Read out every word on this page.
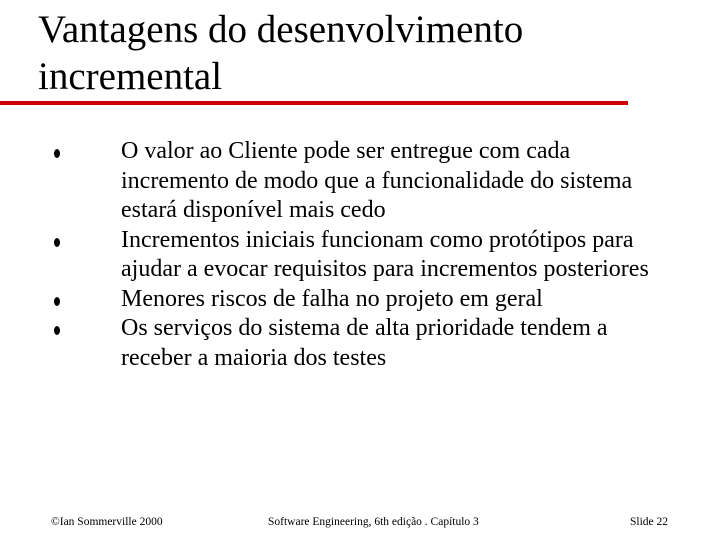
Vantagens do desenvolvimento incremental
O valor ao Cliente pode ser entregue com cada incremento de modo que a funcionalidade do sistema estará disponível mais cedo
Incrementos iniciais funcionam como protótipos para ajudar a evocar requisitos para incrementos posteriores
Menores riscos de falha no projeto em geral
Os serviços do sistema de alta prioridade tendem a receber a maioria dos testes
©Ian Sommerville 2000	Software Engineering, 6th edição . Capítulo 3	Slide 22
